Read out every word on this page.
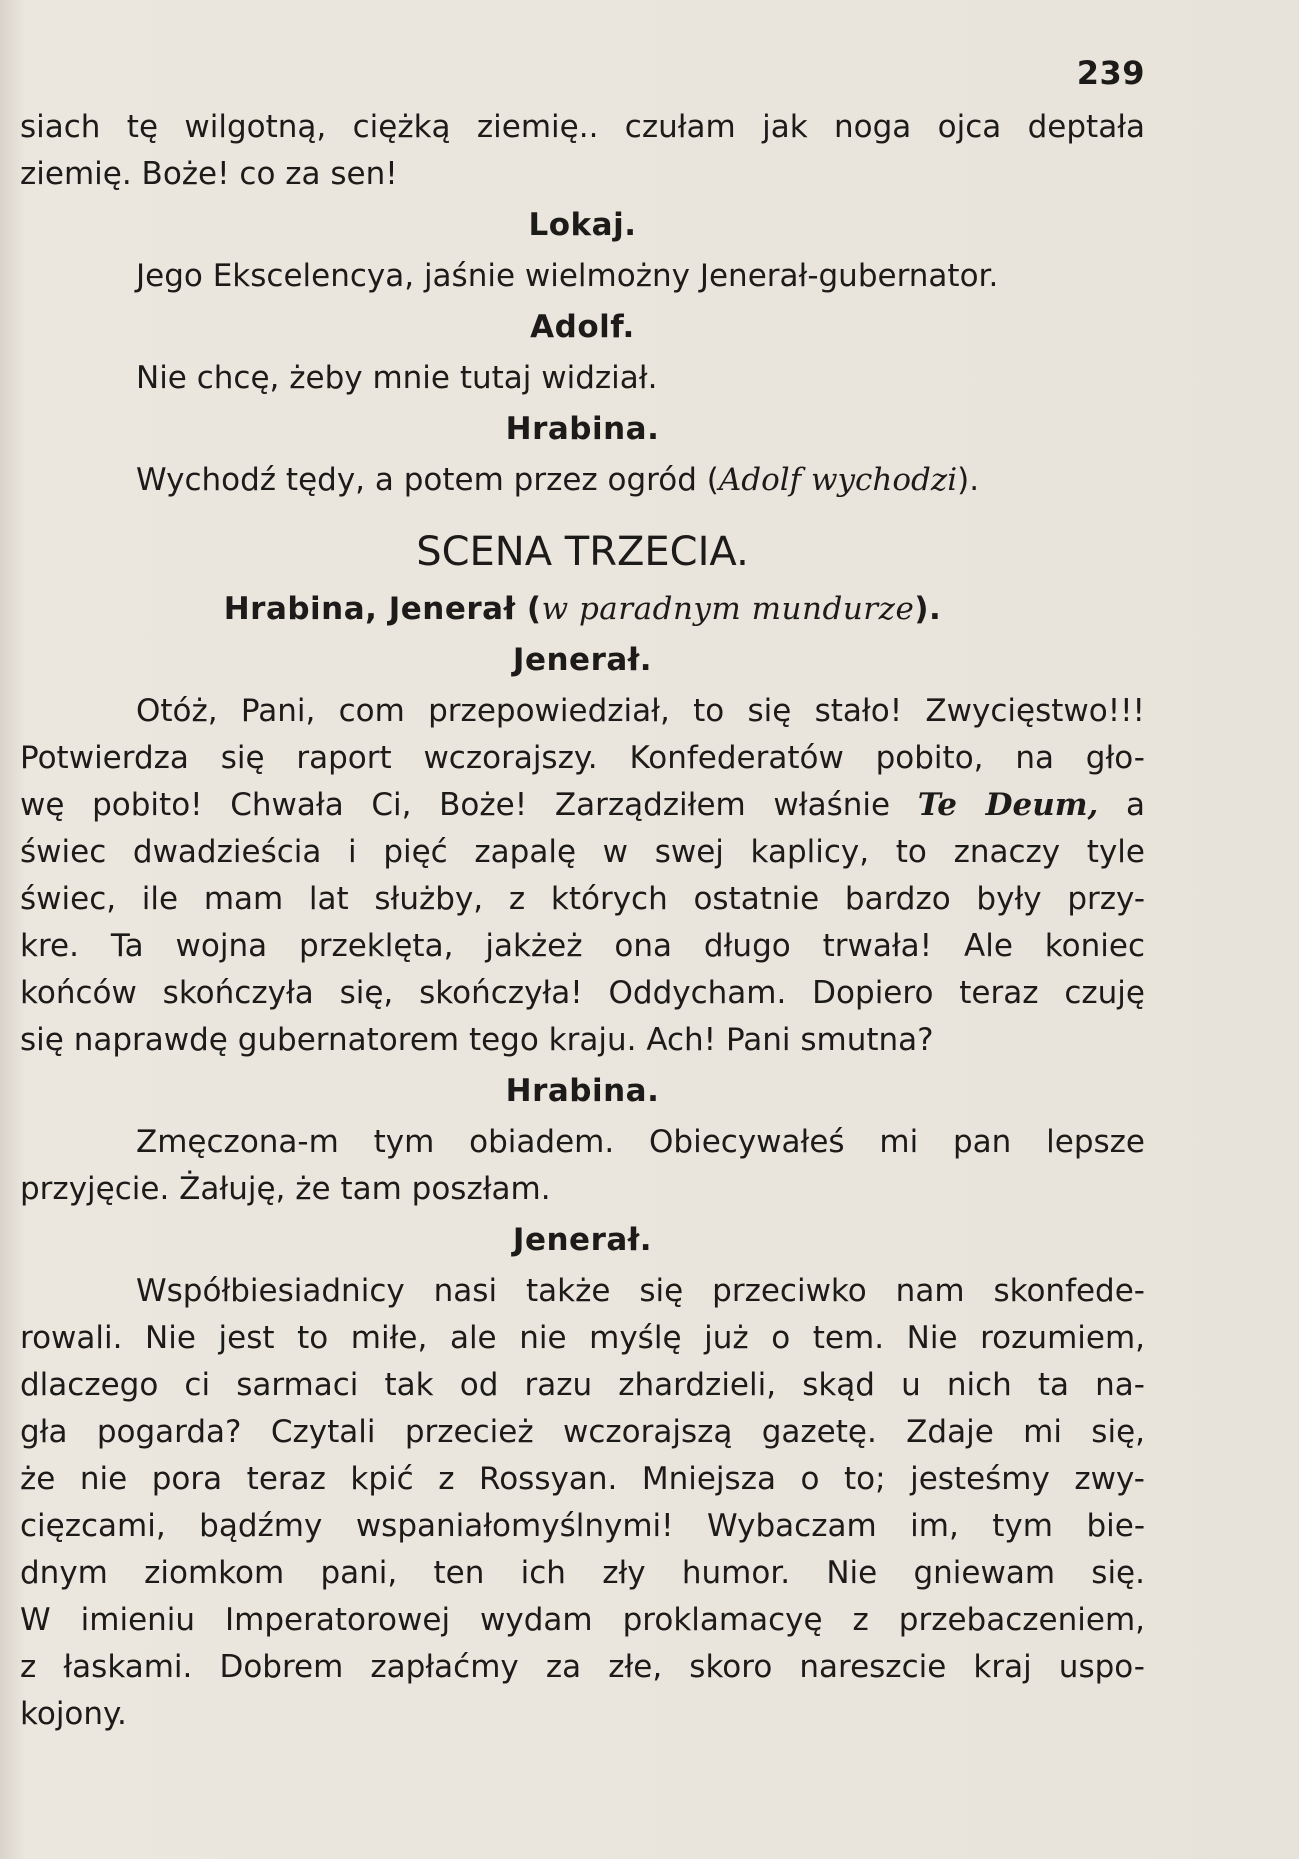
239
siach tę wilgotną, ciężką ziemię.. czułam jak noga ojca deptała
ziemię. Boże! co za sen!
Lokaj.
Jego Ekscelencya, jaśnie wielmożny Jenerał-gubernator.
Adolf.
Nie chcę, żeby mnie tutaj widział.
Hrabina.
Wychodź tędy, a potem przez ogród (Adolf wychodzi).
SCENA TRZECIA.
Hrabina, Jenerał (w paradnym mundurze).
Jenerał.
Otóż, Pani, com przepowiedział, to się stało! Zwycięstwo!!!
Potwierdza się raport wczorajszy. Konfederatów pobito, na gło-
wę pobito! Chwała Ci, Boże! Zarządziłem właśnie Te Deum, a
świec dwadzieścia i pięć zapalę w swej kaplicy, to znaczy tyle
świec, ile mam lat służby, z których ostatnie bardzo były przy-
kre. Ta wojna przeklęta, jakżeż ona długo trwała! Ale koniec
końców skończyła się, skończyła! Oddycham. Dopiero teraz czuję
się naprawdę gubernatorem tego kraju. Ach! Pani smutna?
Hrabina.
Zmęczona-m tym obiadem. Obiecywałeś mi pan lepsze
przyjęcie. Żałuję, że tam poszłam.
Jenerał.
Współbiesiadnicy nasi także się przeciwko nam skonfede-
rowali. Nie jest to miłe, ale nie myślę już o tem. Nie rozumiem,
dlaczego ci sarmaci tak od razu zhardzieli, skąd u nich ta na-
gła pogarda? Czytali przecież wczorajszą gazetę. Zdaje mi się,
że nie pora teraz kpić z Rossyan. Mniejsza o to; jesteśmy zwy-
cięzcami, bądźmy wspaniałomyślnymi! Wybaczam im, tym bie-
dnym ziomkom pani, ten ich zły humor. Nie gniewam się.
W imieniu Imperatorowej wydam proklamacyę z przebaczeniem,
z łaskami. Dobrem zapłaćmy za złe, skoro nareszcie kraj uspo-
kojony.
